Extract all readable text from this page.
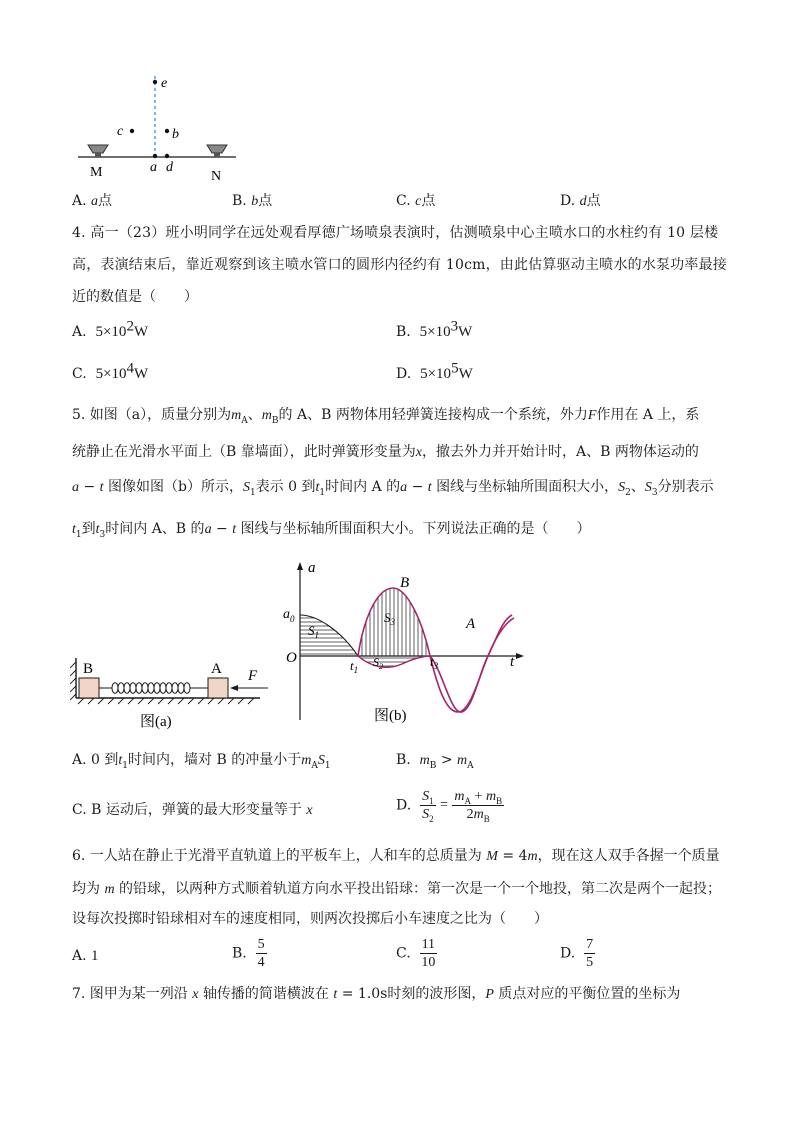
e
c	b
a d
M	N
A. a点	B. b点	C. c点	D. d点
4. 高一（23）班小明同学在远处观看厚德广场喷泉表演时，估测喷泉中心主喷水口的水柱约有 10 层楼
高，表演结束后，靠近观察到该主喷水管口的圆形内径约有 10cm，由此估算驱动主喷水的水泵功率最接
近的数值是（　　）
A. $5\times 10^2W$	B. $5\times 10^3W$
C. $5\times 10^4W$	D. $5\times 10^5W$
5. 如图（a），质量分别为$m_A$、$m_B$的 A、B 两物体用轻弹簧连接构成一个系统，外力F作用在 A 上，系
统静止在光滑水平面上（B 靠墙面），此时弹簧形变量为x，撤去外力并开始计时，A、B 两物体运动的
a − t 图像如图（b）所示，$S_1$表示 0 到$t_1$时间内 A 的a − t 图线与坐标轴所围面积大小，$S_2$、$S_3$分别表示
$t_1$到$t_3$时间内 A、B 的a − t 图线与坐标轴所围面积大小。下列说法正确的是（　　）
B	A F
图(a)
a
t
O
$a_0$
$S_1$
$S_3$
$S_2$
B
A
$t_1$
$t_3$
图(b)
A. 0 到$t_1$时间内，墙对 B 的冲量小于$m_AS_1$	B. $m_B > m_A$
C. B 运动后，弹簧的最大形变量等于 x	D. $\frac{S_1}{S_2} = \frac{m_A + m_B}{2m_B}$
6. 一人站在静止于光滑平直轨道上的平板车上，人和车的总质量为 M = 4m，现在这人双手各握一个质量
均为 m 的铅球，以两种方式顺着轨道方向水平投出铅球：第一次是一个一个地投，第二次是两个一起投；
设每次投掷时铅球相对车的速度相同，则两次投掷后小车速度之比为（　　）
A. 1	B. $\frac{5}{4}$	C. $\frac{11}{10}$	D. $\frac{7}{5}$
7. 图甲为某一列沿 x 轴传播的简谐横波在 t = 1.0s时刻的波形图，P 质点对应的平衡位置的坐标为
